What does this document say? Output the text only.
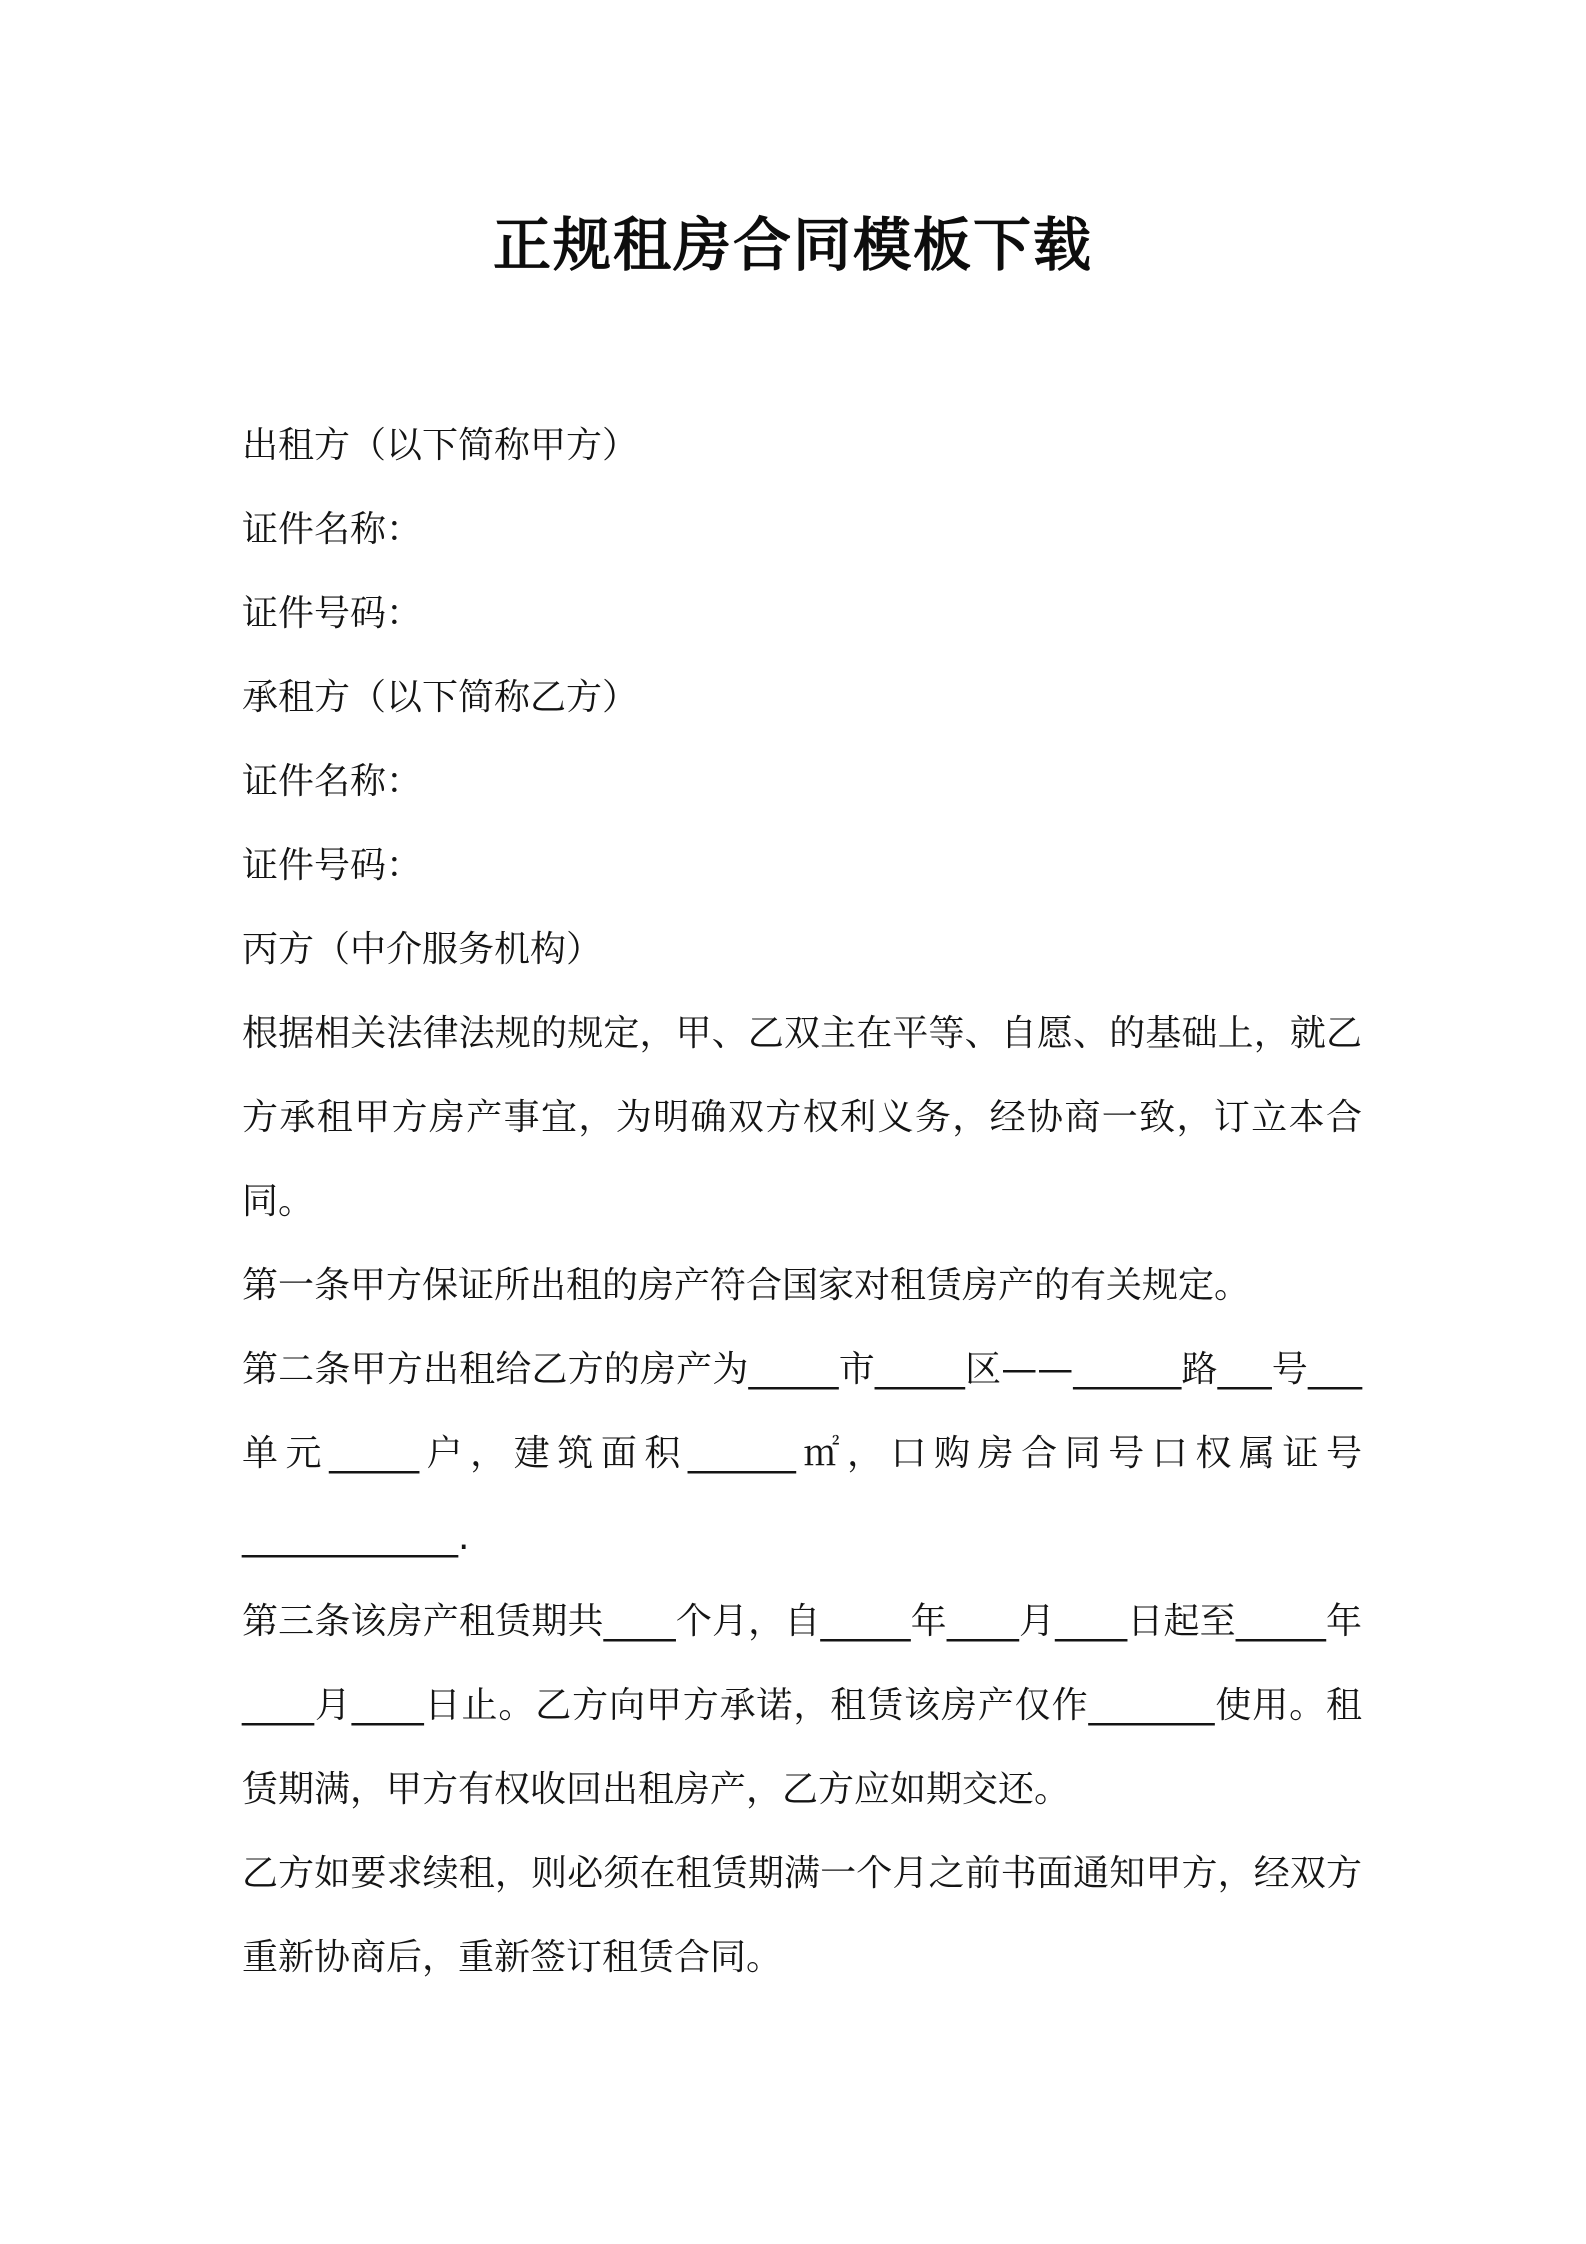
正规租房合同模板下载
出租方（以下简称甲方）
证件名称：
证件号码：
承租方（以下简称乙方）
证件名称：
证件号码：
丙方（中介服务机构）
根据相关法律法规的规定，甲、乙双主在平等、自愿、的基础上，就乙方承租甲方房产事宜，为明确双方权利义务，经协商一致，订立本合同。
第一条甲方保证所出租的房产符合国家对租赁房产的有关规定。
第二条甲方出租给乙方的房产为_____市_____区——______路___号___单元_____户，建筑面积______㎡，口购房合同号口权属证号____________.
第三条该房产租赁期共____个月，自_____年____月____日起至_____年____月____日止。乙方向甲方承诺，租赁该房产仅作_______使用。租赁期满，甲方有权收回出租房产，乙方应如期交还。
乙方如要求续租，则必须在租赁期满一个月之前书面通知甲方，经双方重新协商后，重新签订租赁合同。
